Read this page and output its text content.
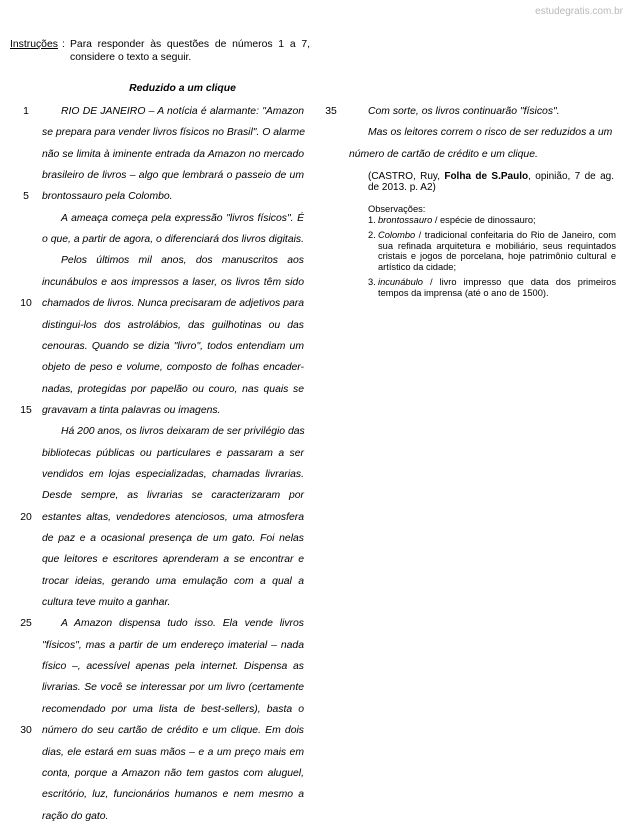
estudegratis.com.br
Instruções : Para responder às questões de números 1 a 7, considere o texto a seguir.
Reduzido a um clique
1	RIO DE JANEIRO – A notícia é alarmante: "Amazon
se prepara para vender livros físicos no Brasil". O alarme
não se limita à iminente entrada da Amazon no mercado
brasileiro de livros – algo que lembrará o passeio de um
5	brontossauro pela Colombo.
A ameaça começa pela expressão "livros físicos". É
o que, a partir de agora, o diferenciará dos livros digitais.
Pelos últimos mil anos, dos manuscritos aos
incunábulos e aos impressos a laser, os livros têm sido
10 chamados de livros. Nunca precisaram de adjetivos para
distingui-los dos astrolábios, das guilhotinas ou das
cenouras. Quando se dizia "livro", todos entendiam um
objeto de peso e volume, composto de folhas encader-
nadas, protegidas por papelão ou couro, nas quais se
15 gravavam a tinta palavras ou imagens.
Há 200 anos, os livros deixaram de ser privilégio das
bibliotecas públicas ou particulares e passaram a ser
vendidos em lojas especializadas, chamadas livrarias.
Desde sempre, as livrarias se caracterizaram por
20 estantes altas, vendedores atenciosos, uma atmosfera
de paz e a ocasional presença de um gato. Foi nelas
que leitores e escritores aprenderam a se encontrar e
trocar ideias, gerando uma emulação com a qual a
cultura teve muito a ganhar.
25	A Amazon dispensa tudo isso. Ela vende livros
"físicos", mas a partir de um endereço imaterial – nada
físico –, acessível apenas pela internet. Dispensa as
livrarias. Se você se interessar por um livro (certamente
recomendado por uma lista de best-sellers), basta o
30 número do seu cartão de crédito e um clique. Em dois
dias, ele estará em suas mãos – e a um preço mais em
conta, porque a Amazon não tem gastos com aluguel,
escritório, luz, funcionários humanos e nem mesmo a
ração do gato.
35	Com sorte, os livros continuarão "físicos".
Mas os leitores correm o risco de ser reduzidos a um
número de cartão de crédito e um clique.
(CASTRO, Ruy, Folha de S.Paulo, opinião, 7 de ag. de 2013. p. A2)
Observações:
1. brontossauro / espécie de dinossauro;
2. Colombo / tradicional confeitaria do Rio de Janeiro, com sua refinada arquitetura e mobiliário, seus requintados cristais e jogos de porcelana, hoje patrimônio cultural e artístico da cidade;
3. incunábulo / livro impresso que data dos primeiros tempos da imprensa (até o ano de 1500).
